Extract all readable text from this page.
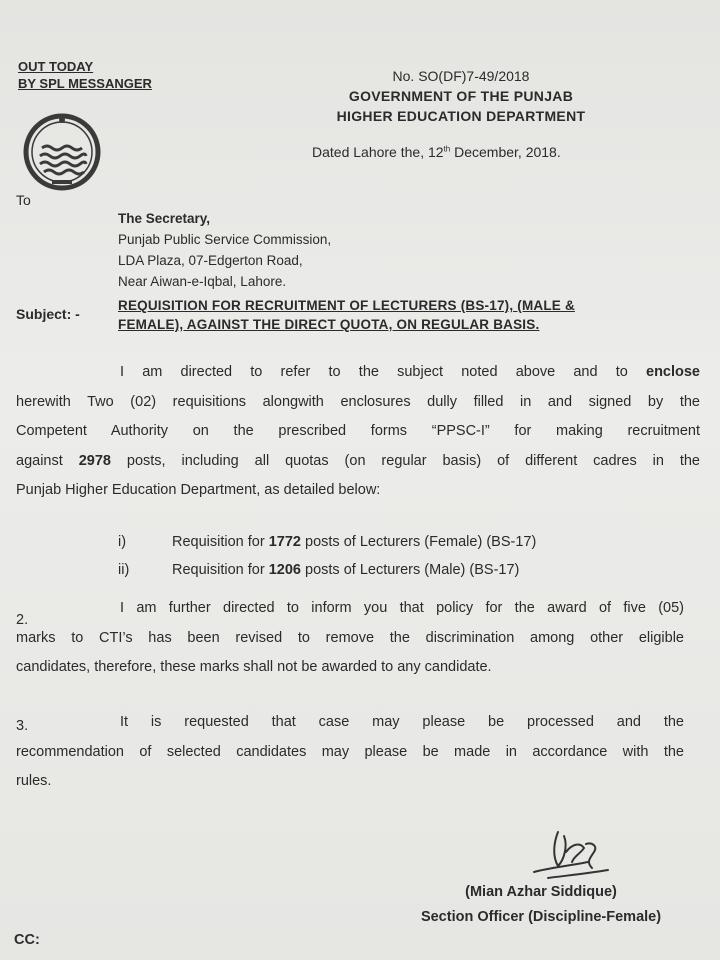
OUT TODAY
BY SPL MESSANGER	No. SO(DF)7-49/2018
GOVERNMENT OF THE PUNJAB
HIGHER EDUCATION DEPARTMENT
Dated Lahore the, 12th December, 2018.
To
The Secretary,
Punjab Public Service Commission,
LDA Plaza, 07-Edgerton Road,
Near Aiwan-e-Iqbal, Lahore.
Subject: -
REQUISITION FOR RECRUITMENT OF LECTURERS (BS-17), (MALE &
FEMALE), AGAINST THE DIRECT QUOTA, ON REGULAR BASIS.
I am directed to refer to the subject noted above and to enclose
herewith Two (02) requisitions alongwith enclosures dully filled in and signed by the
Competent Authority on the prescribed forms “PPSC-I” for making recruitment
against 2978 posts, including all quotas (on regular basis) of different cadres in the
Punjab Higher Education Department, as detailed below:
i)	Requisition for 1772 posts of Lecturers (Female) (BS-17)
ii)	Requisition for 1206 posts of Lecturers (Male) (BS-17)
2.
I am further directed to inform you that policy for the award of five (05)
marks to CTI’s has been revised to remove the discrimination among other eligible
candidates, therefore, these marks shall not be awarded to any candidate.
3.	It is requested that case may please be processed and the
recommendation of selected candidates may please be made in accordance with the
rules.
(Mian Azhar Siddique)
Section Officer (Discipline-Female)
CC:
